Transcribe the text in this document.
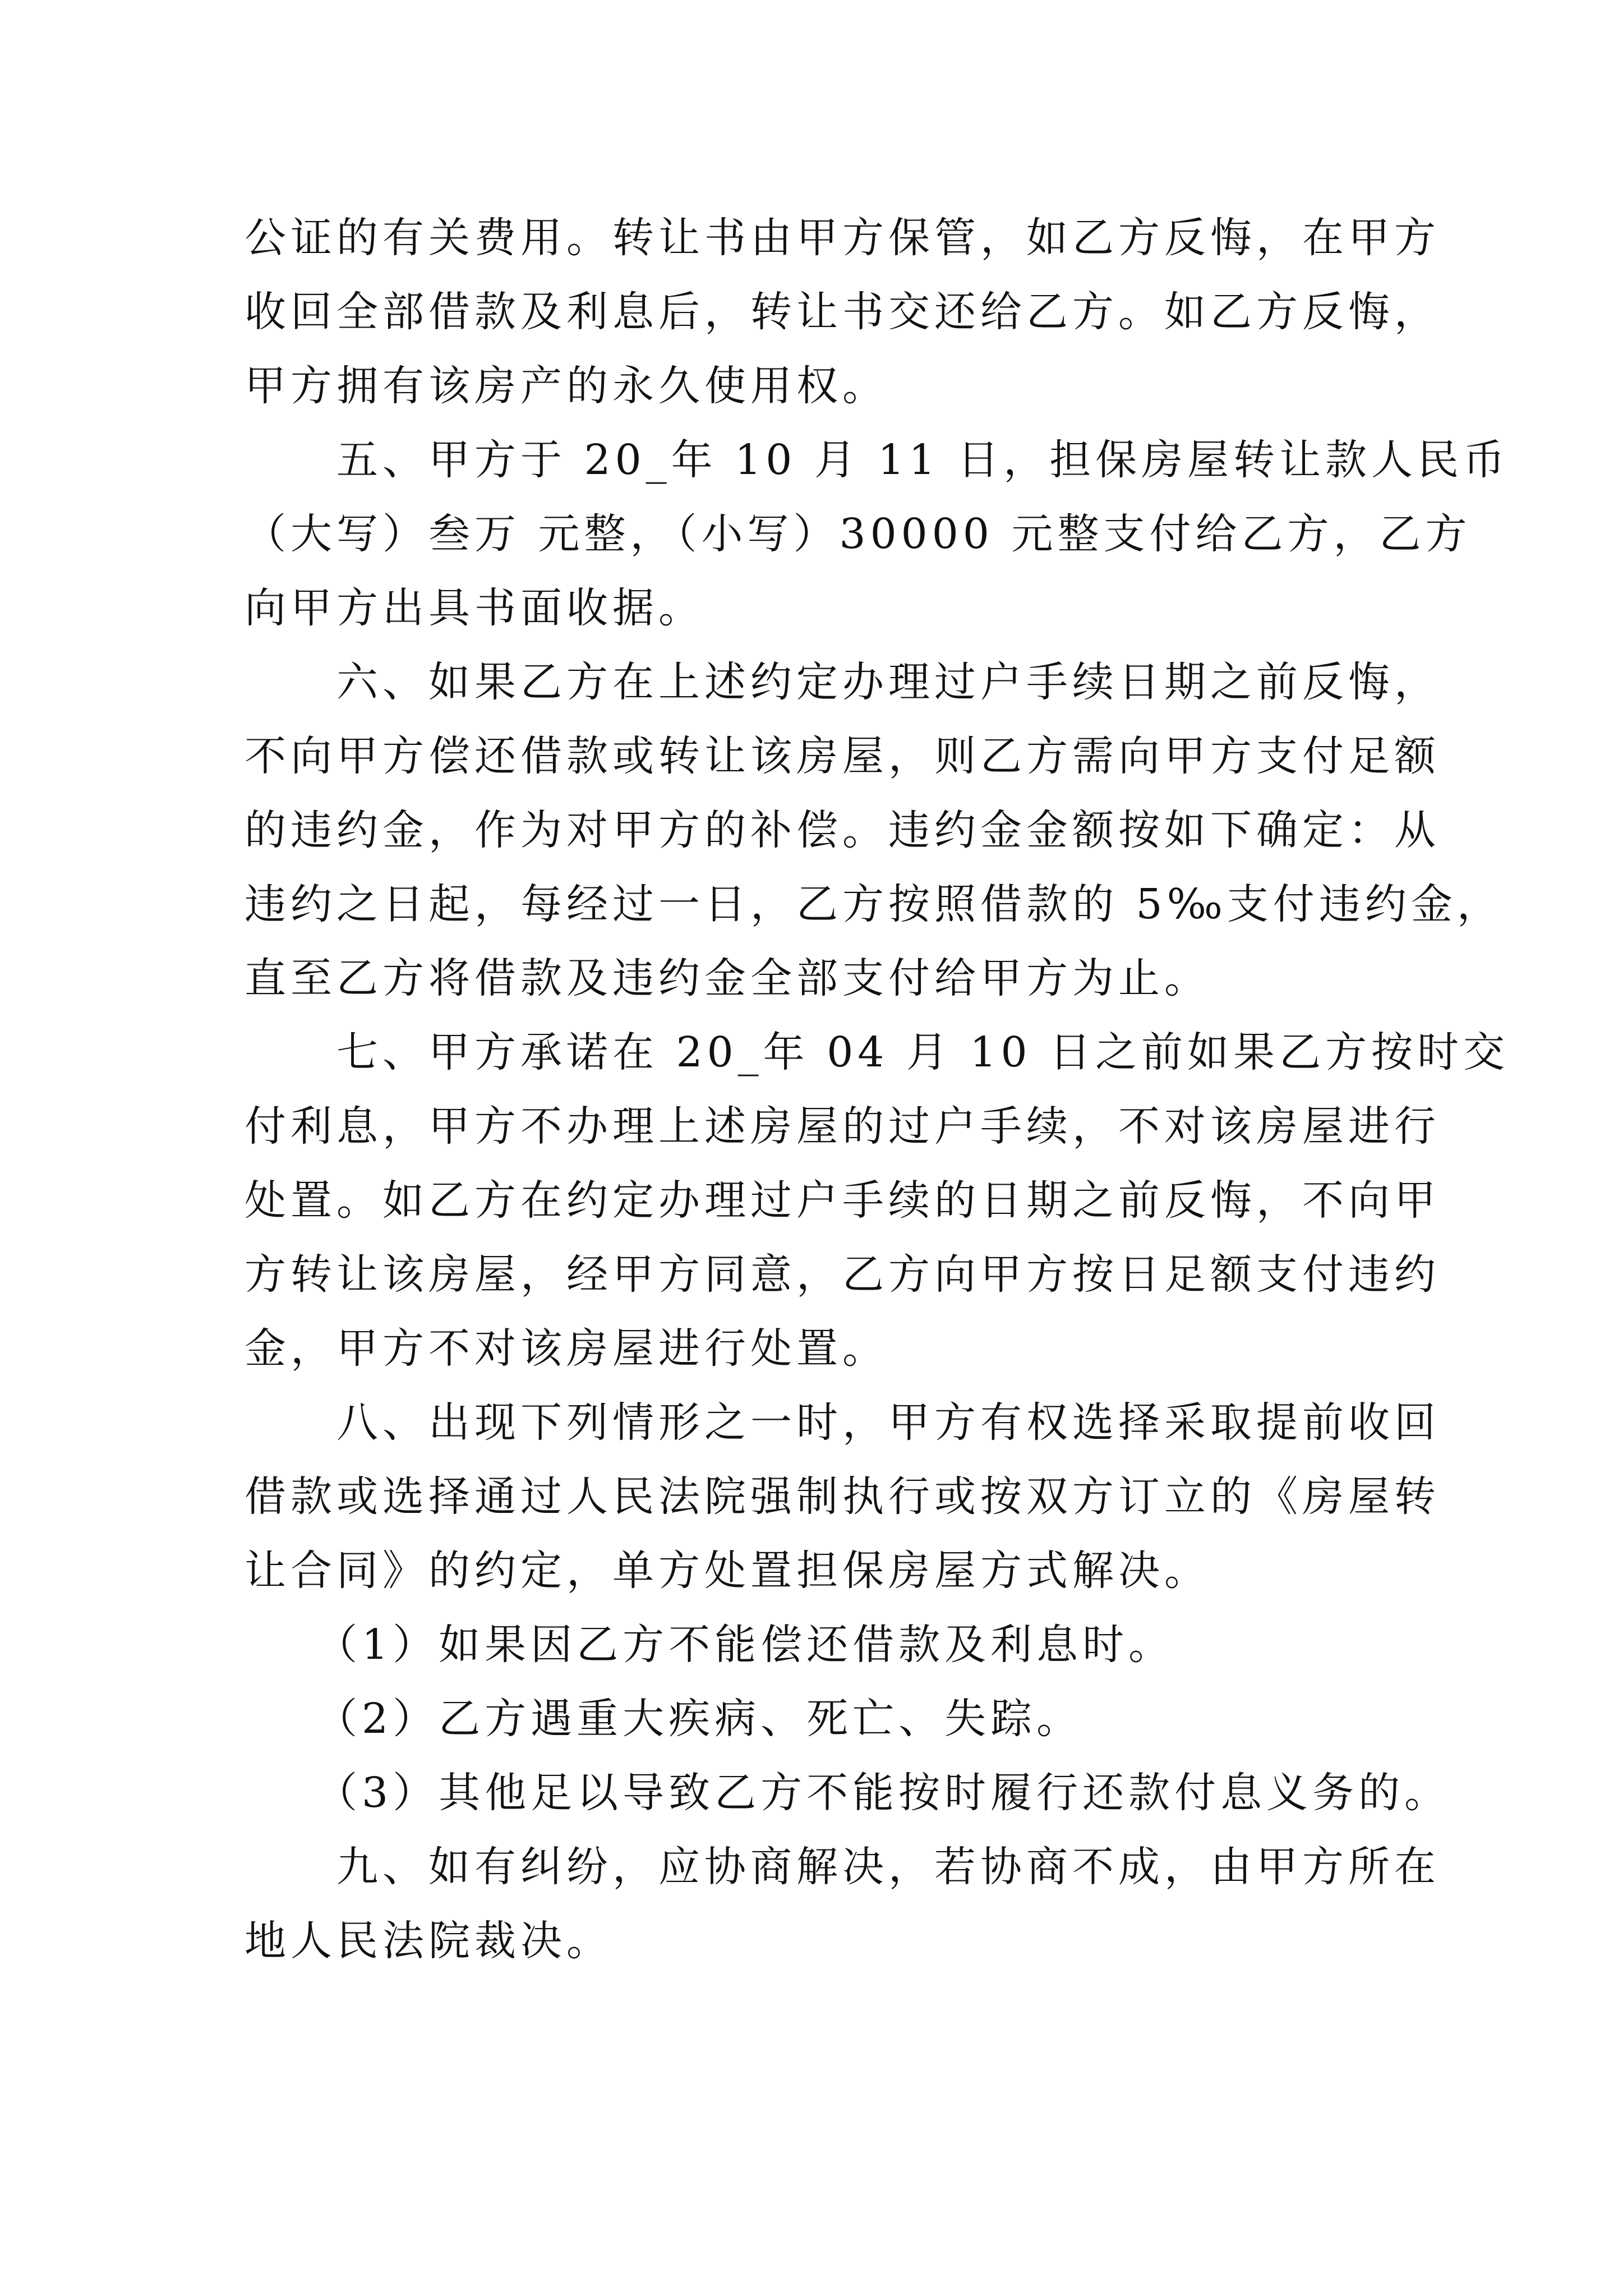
公证的有关费用。转让书由甲方保管，如乙方反悔，在甲方
收回全部借款及利息后，转让书交还给乙方。如乙方反悔，
甲方拥有该房产的永久使用权。
　　五、甲方于 20_年 10 月 11 日，担保房屋转让款人民币
（大写）叁万 元整，（小写）30000 元整支付给乙方，乙方
向甲方出具书面收据。
　　六、如果乙方在上述约定办理过户手续日期之前反悔，
不向甲方偿还借款或转让该房屋，则乙方需向甲方支付足额
的违约金，作为对甲方的补偿。违约金金额按如下确定：从
违约之日起，每经过一日，乙方按照借款的 5‰支付违约金，
直至乙方将借款及违约金全部支付给甲方为止。
　　七、甲方承诺在 20_年 04 月 10 日之前如果乙方按时交
付利息，甲方不办理上述房屋的过户手续，不对该房屋进行
处置。如乙方在约定办理过户手续的日期之前反悔，不向甲
方转让该房屋，经甲方同意，乙方向甲方按日足额支付违约
金，甲方不对该房屋进行处置。
　　八、出现下列情形之一时，甲方有权选择采取提前收回
借款或选择通过人民法院强制执行或按双方订立的《房屋转
让合同》的约定，单方处置担保房屋方式解决。
　　（1）如果因乙方不能偿还借款及利息时。
　　（2）乙方遇重大疾病、死亡、失踪。
　　（3）其他足以导致乙方不能按时履行还款付息义务的。
　　九、如有纠纷，应协商解决，若协商不成，由甲方所在
地人民法院裁决。
